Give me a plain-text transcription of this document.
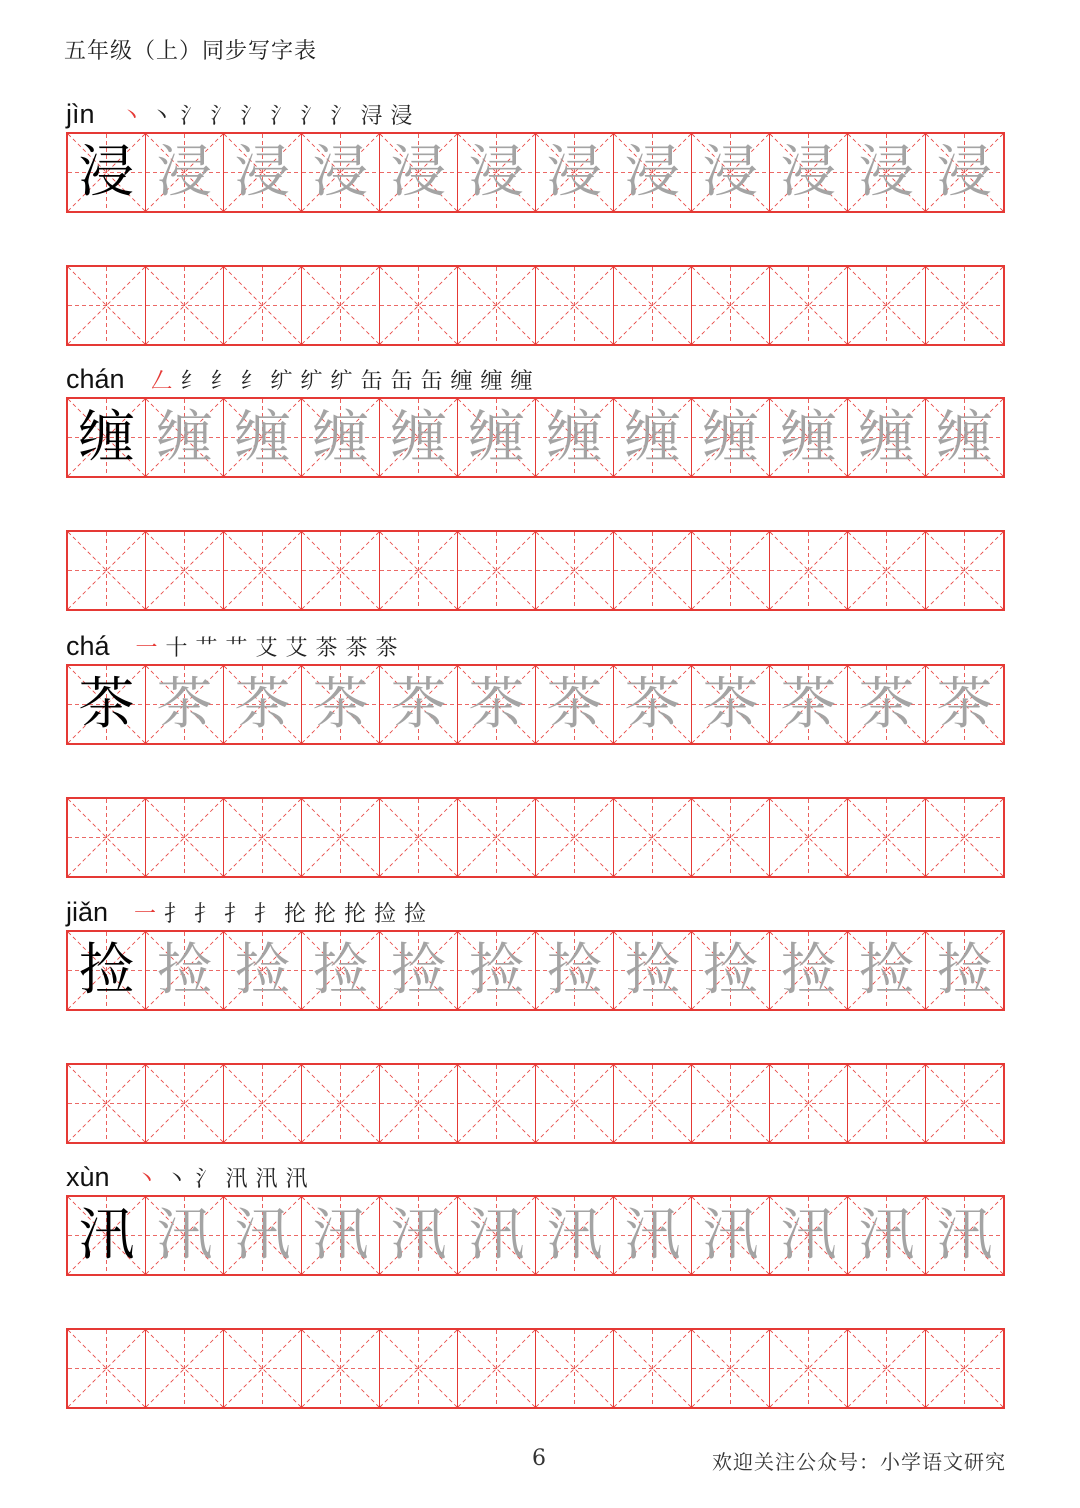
五年级（上）同步写字表
jìn 丶 丶 氵 氵 氵 氵 氵 氵 浔 浸
浸 浸 浸 浸 浸 浸 浸 浸 浸 浸 浸 浸
chán 𠃋 纟 纟 纟 纩 纩 纩 缶 缶 缶 缠 缠 缠
缠 缠 缠 缠 缠 缠 缠 缠 缠 缠 缠 缠
chá 一 十 艹 艹 艾 艾 茶 茶 茶
茶 茶 茶 茶 茶 茶 茶 茶 茶 茶 茶 茶
jiǎn 一 扌 扌 扌 扌 抡 抡 抡 捡 捡
捡 捡 捡 捡 捡 捡 捡 捡 捡 捡 捡 捡
xùn 丶 丶 氵 汛 汛 汛
汛 汛 汛 汛 汛 汛 汛 汛 汛 汛 汛 汛
6	欢迎关注公众号：小学语文研究
